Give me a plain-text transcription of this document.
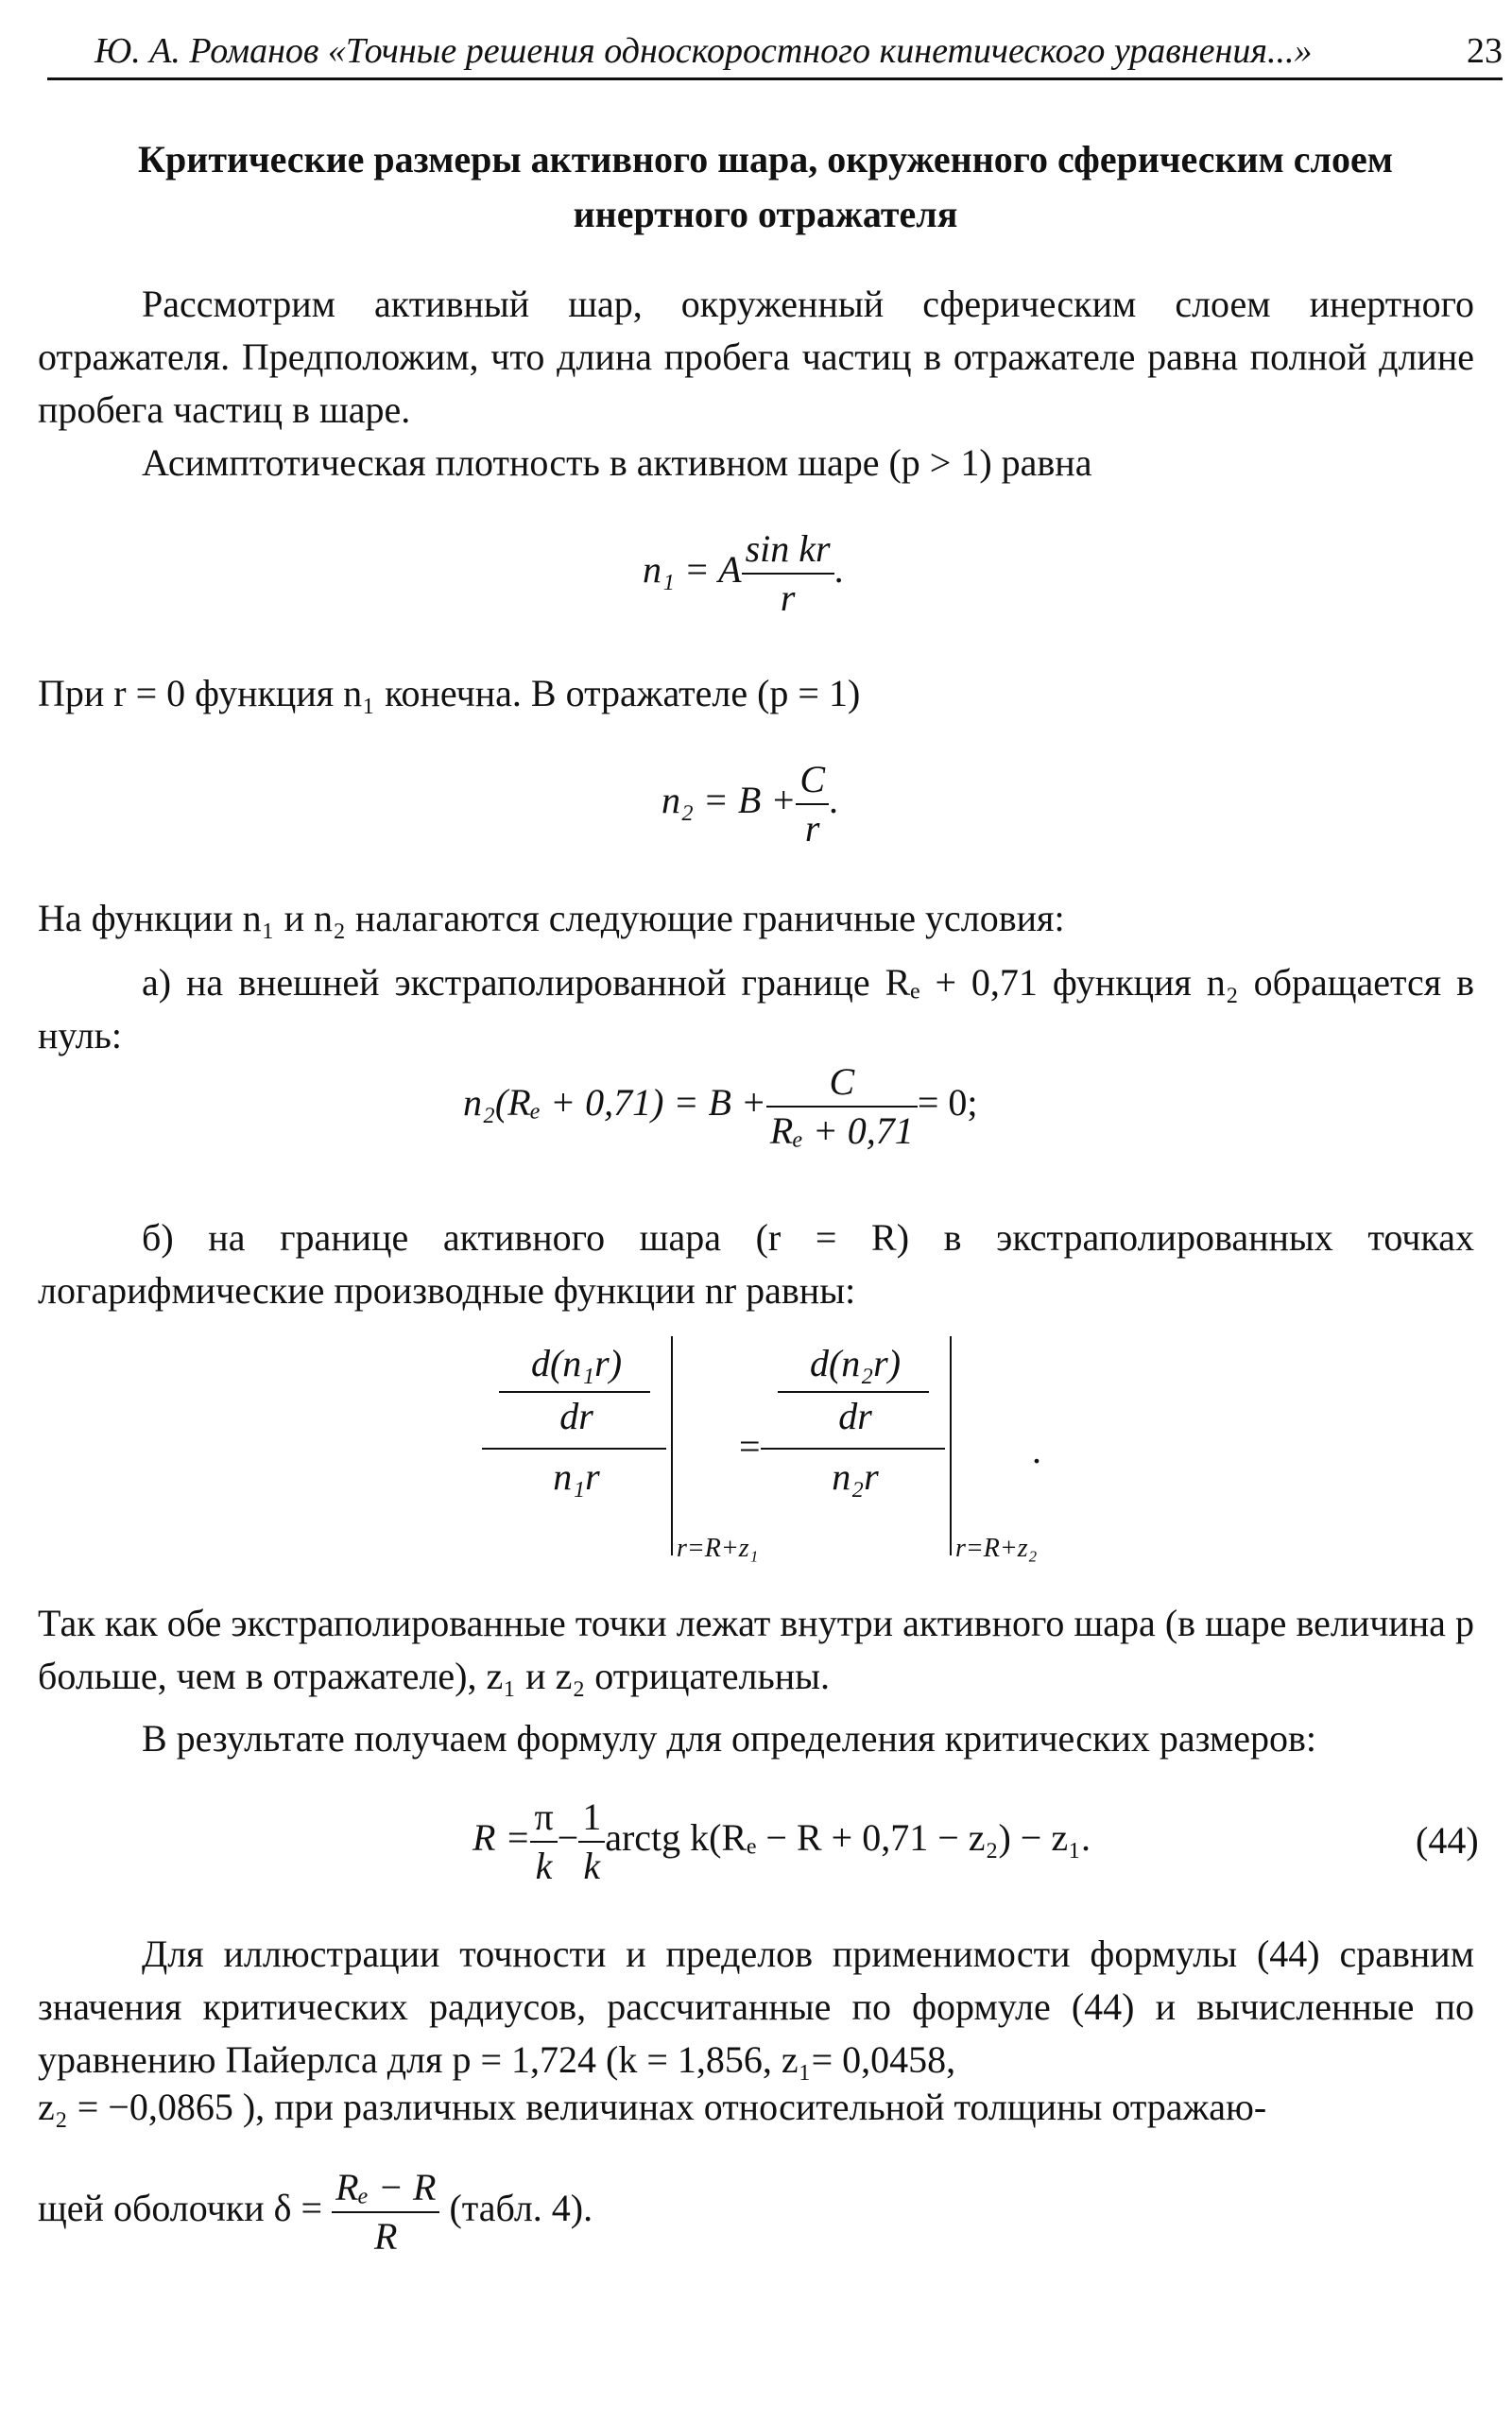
Ю. А. Романов «Точные решения односкоростного кинетического уравнения...»	23
Критические размеры активного шара, окруженного сферическим слоем инертного отражателя
Рассмотрим активный шар, окруженный сферическим слоем инертного отражателя. Предположим, что длина пробега частиц в отражателе равна полной длине пробега частиц в шаре.
Асимптотическая плотность в активном шаре (p > 1) равна
n₁ = A $\frac{\text{sin kr}}{r}$ .
При r = 0 функция n₁ конечна. В отражателе (p = 1)
$n_2 = B + \frac{C}{r}$ .
На функции n₁ и n₂ налагаются следующие граничные условия:
а) на внешней экстраполированной границе Rₑ + 0,71 функция n₂ обращается в нуль:
$n_2(R_e + 0,71) = B + \frac{C}{\text{Rₑ + 0,71}} = 0$;
б) на границе активного шара (r = R) в экстраполированных точках логарифмические производные функции nr равны:
d(n₁r)
dr
n₁r
r=R+z₁
=
d(n₂r)
dr
n₂r
r=R+z₂
.
Так как обе экстраполированные точки лежат внутри активного шара (в шаре величина p больше, чем в отражателе), z₁ и z₂ отрицательны.
В результате получаем формулу для определения критических размеров:
$R = \frac{\pi}{k} - \frac{1}{k}$ arctg k(Rₑ − R + 0,71 − z₂) − z₁.	(44)
Для иллюстрации точности и пределов применимости формулы (44) сравним значения критических радиусов, рассчитанные по формуле (44) и вычисленные по уравнению Пайерлса для p = 1,724 (k = 1,856, z₁= 0,0458,
z₂ = −0,0865 ), при различных величинах относительной толщины отражаю-
щей оболочки $\delta = \frac{\text{Rₑ − R}}{R}$ (табл. 4).
